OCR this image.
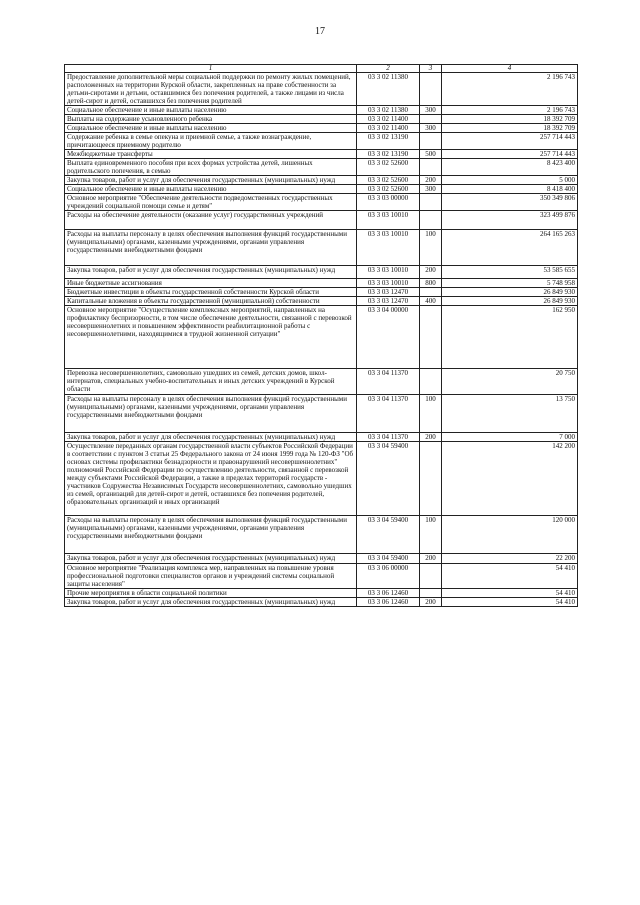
17
1	2	3	4
Предоставление дополнительной меры социальной поддержки по ремонту жилых помещений, расположенных на территории Курской области, закрепленных на праве собственности за детьми-сиротами и детьми, оставшимися без попечения родителей, а также лицами из числа детей-сирот и детей, оставшихся без попечения родителей	03 3 02 11380		2 196 743
Социальное обеспечение и иные выплаты населению	03 3 02 11380	300	2 196 743
Выплаты на содержание усыновленного ребенка	03 3 02 11400		18 392 709
Социальное обеспечение и иные выплаты населению	03 3 02 11400	300	18 392 709
Содержание ребенка в семье опекуна и приемной семье, а также вознаграждение, причитающееся приемному родителю	03 3 02 13190		257 714 443
Межбюджетные трансферты	03 3 02 13190	500	257 714 443
Выплата единовременного пособия при всех формах устройства детей, лишенных родительского попечения, в семью	03 3 02 52600		8 423 400
Закупка товаров, работ и услуг для обеспечения государственных (муниципальных) нужд	03 3 02 52600	200	5 000
Социальное обеспечение и иные выплаты населению	03 3 02 52600	300	8 418 400
Основное мероприятие "Обеспечение деятельности подведомственных государственных учреждений социальной помощи семье и детям"	03 3 03 00000		350 349 806
Расходы на обеспечение деятельности (оказание услуг) государственных учреждений	03 3 03 10010		323 499 876
Расходы на выплаты персоналу в целях обеспечения выполнения функций государственными (муниципальными) органами, казенными учреждениями, органами управления государственными внебюджетными фондами	03 3 03 10010	100	264 165 263
Закупка товаров, работ и услуг для обеспечения государственных (муниципальных) нужд	03 3 03 10010	200	53 585 655
Иные бюджетные ассигнования	03 3 03 10010	800	5 748 958
Бюджетные инвестиции в объекты государственной собственности Курской области	03 3 03 12470		26 849 930
Капитальные вложения в объекты государственной (муниципальной) собственности	03 3 03 12470	400	26 849 930
Основное мероприятие "Осуществление комплексных мероприятий, направленных на профилактику беспризорности, в том числе обеспечение деятельности, связанной с перевозкой несовершеннолетних и повышением эффективности реабилитационной работы с несовершеннолетними, находящимися в трудной жизненной ситуации"	03 3 04 00000		162 950
Перевозка несовершеннолетних, самовольно ушедших из семей, детских домов, школ-интернатов, специальных учебно-воспитательных и иных детских учреждений в Курской области	03 3 04 11370		20 750
Расходы на выплаты персоналу в целях обеспечения выполнения функций государственными (муниципальными) органами, казенными учреждениями, органами управления государственными внебюджетными фондами	03 3 04 11370	100	13 750
Закупка товаров, работ и услуг для обеспечения государственных (муниципальных) нужд	03 3 04 11370	200	7 000
Осуществление переданных органам государственной власти субъектов Российской Федерации в соответствии с пунктом 3 статьи 25 Федерального закона от 24 июня 1999 года № 120-ФЗ "Об основах системы профилактики безнадзорности и правонарушений несовершеннолетних" полномочий Российской Федерации по осуществлению деятельности, связанной с перевозкой между субъектами Российской Федерации, а также в пределах территорий государств - участников Содружества Независимых Государств несовершеннолетних, самовольно ушедших из семей, организаций для детей-сирот и детей, оставшихся без попечения родителей, образовательных организаций и иных организаций	03 3 04 59400		142 200
Расходы на выплаты персоналу в целях обеспечения выполнения функций государственными (муниципальными) органами, казенными учреждениями, органами управления государственными внебюджетными фондами	03 3 04 59400	100	120 000
Закупка товаров, работ и услуг для обеспечения государственных (муниципальных) нужд	03 3 04 59400	200	22 200
Основное мероприятие "Реализация комплекса мер, направленных на повышение уровня профессиональной подготовки специалистов органов и учреждений системы социальной защиты населения"	03 3 06 00000		54 410
Прочие мероприятия в области социальной политики	03 3 06 12460		54 410
Закупка товаров, работ и услуг для обеспечения государственных (муниципальных) нужд	03 3 06 12460	200	54 410
